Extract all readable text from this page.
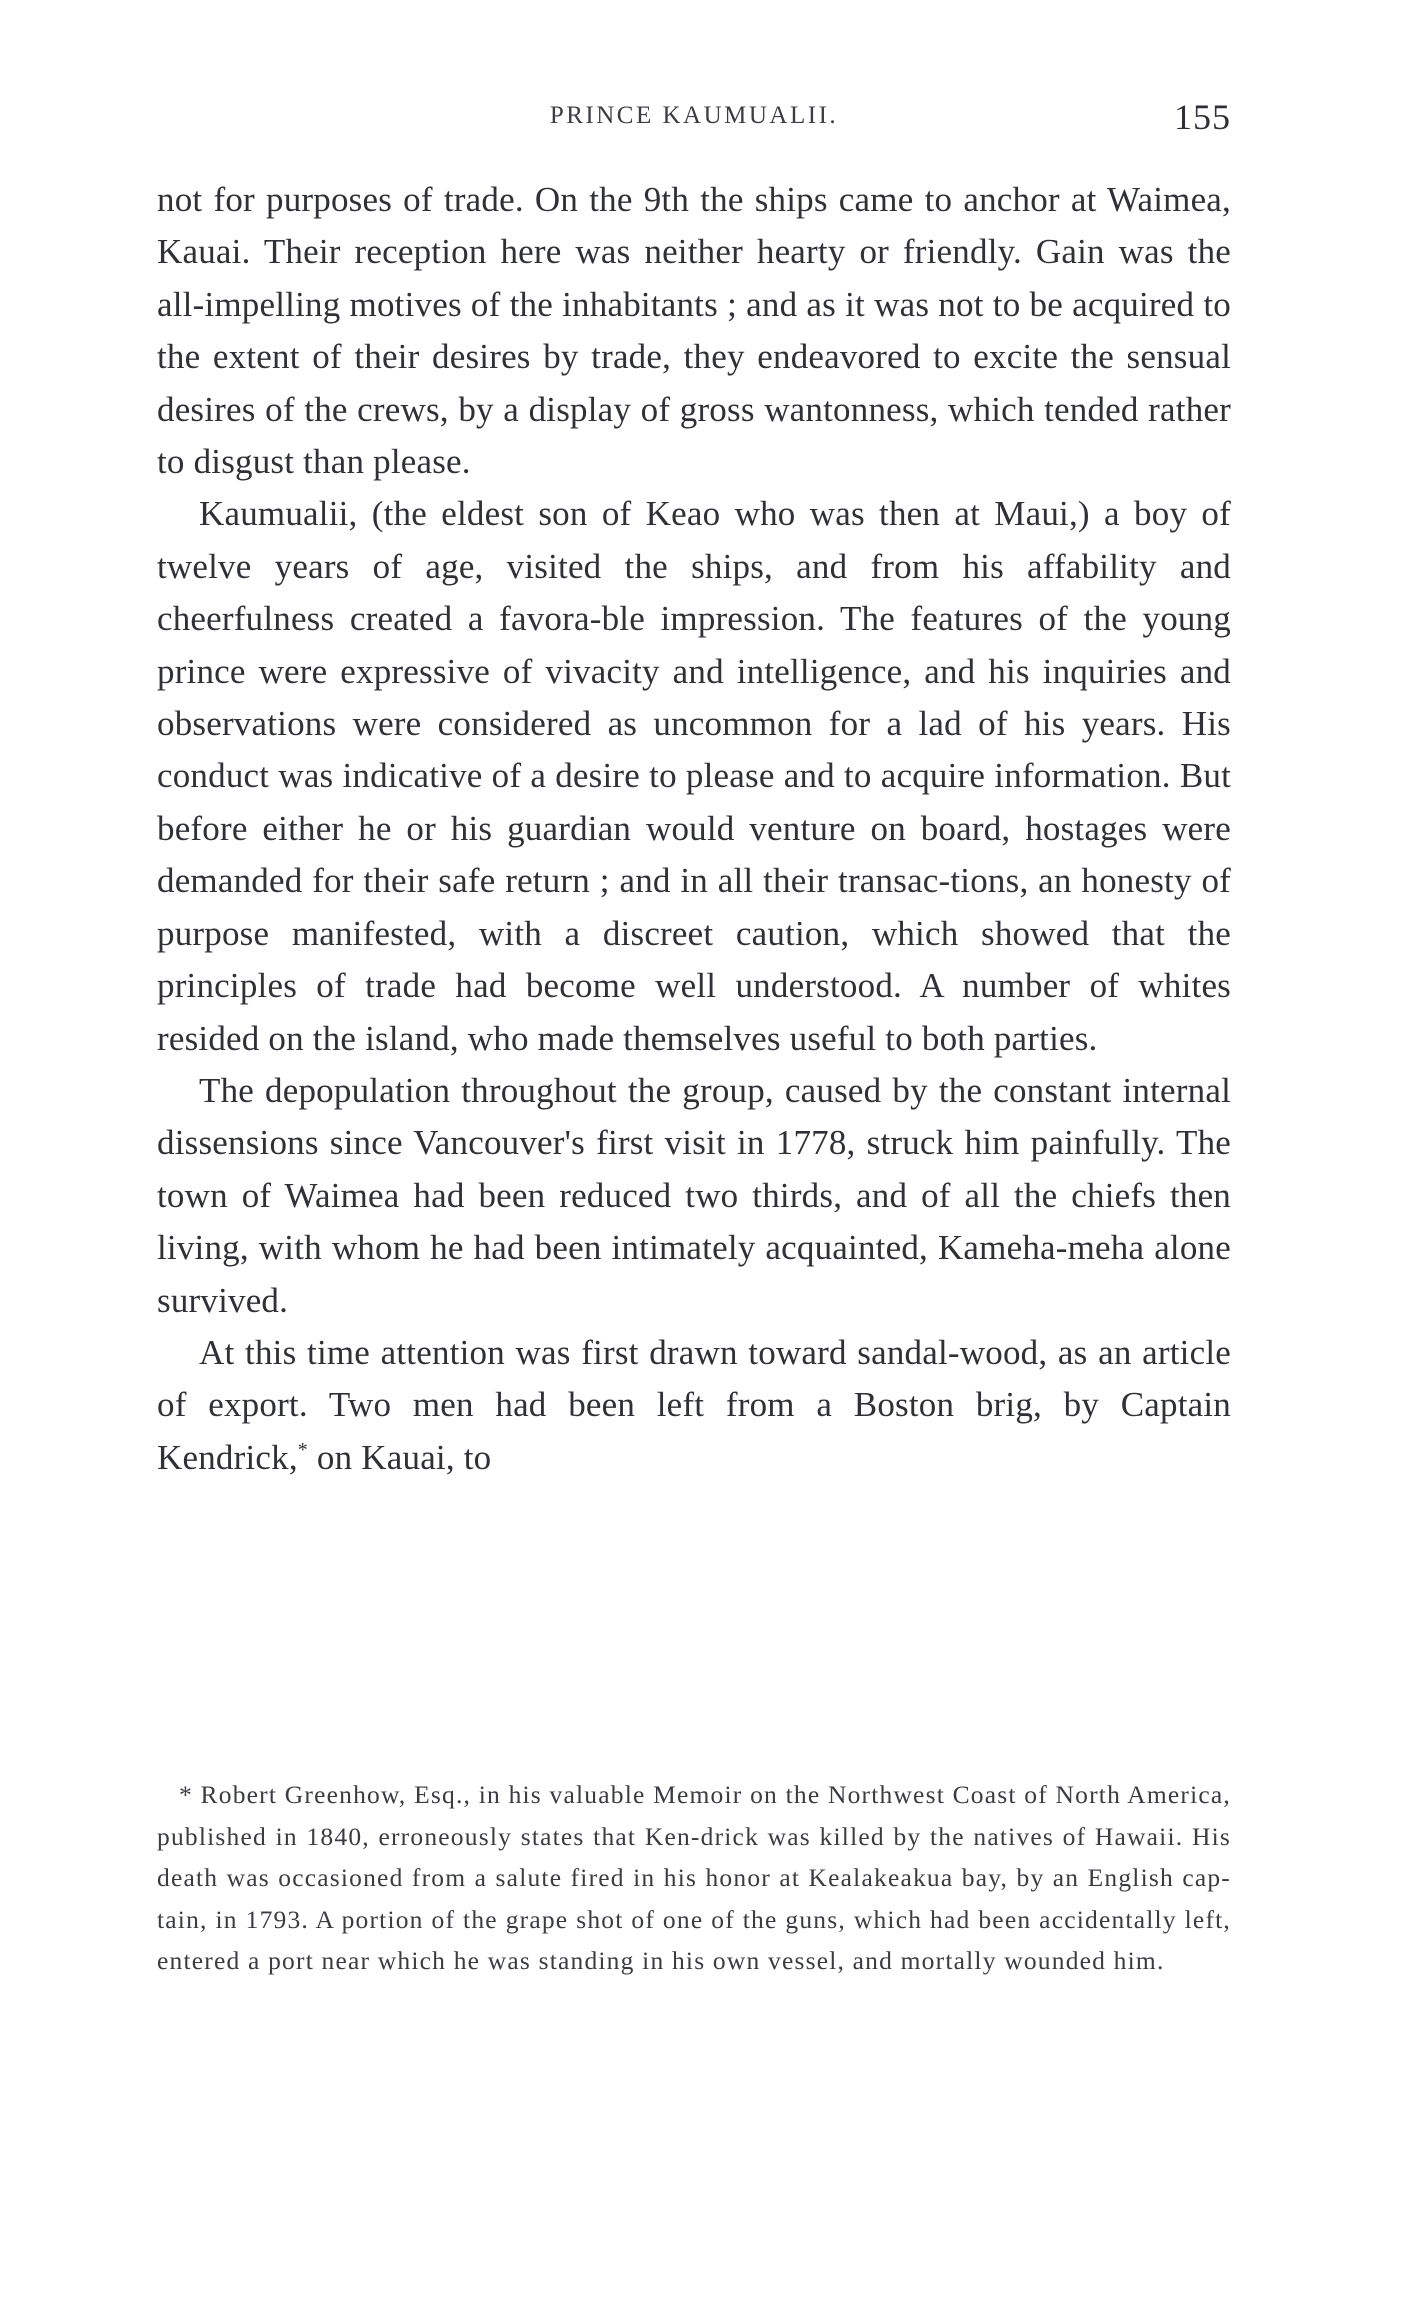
PRINCE KAUMUALII.	155

not for purposes of trade. On the 9th the ships came to anchor at Waimea, Kauai. Their reception here was neither hearty or friendly. Gain was the all-impelling motives of the inhabitants ; and as it was not to be acquired to the extent of their desires by trade, they endeavored to excite the sensual desires of the crews, by a display of gross wantonness, which tended rather to disgust than please.

Kaumualii, (the eldest son of Keao who was then at Maui,) a boy of twelve years of age, visited the ships, and from his affability and cheerfulness created a favora-ble impression. The features of the young prince were expressive of vivacity and intelligence, and his inquiries and observations were considered as uncommon for a lad of his years. His conduct was indicative of a desire to please and to acquire information. But before either he or his guardian would venture on board, hostages were demanded for their safe return ; and in all their transac-tions, an honesty of purpose manifested, with a discreet caution, which showed that the principles of trade had become well understood. A number of whites resided on the island, who made themselves useful to both parties.

The depopulation throughout the group, caused by the constant internal dissensions since Vancouver's first visit in 1778, struck him painfully. The town of Waimea had been reduced two thirds, and of all the chiefs then living, with whom he had been intimately acquainted, Kameha-meha alone survived.

At this time attention was first drawn toward sandal-wood, as an article of export. Two men had been left from a Boston brig, by Captain Kendrick,* on Kauai, to

* Robert Greenhow, Esq., in his valuable Memoir on the Northwest Coast of North America, published in 1840, erroneously states that Ken-drick was killed by the natives of Hawaii. His death was occasioned from a salute fired in his honor at Kealakeakua bay, by an English cap-tain, in 1793. A portion of the grape shot of one of the guns, which had been accidentally left, entered a port near which he was standing in his own vessel, and mortally wounded him.
